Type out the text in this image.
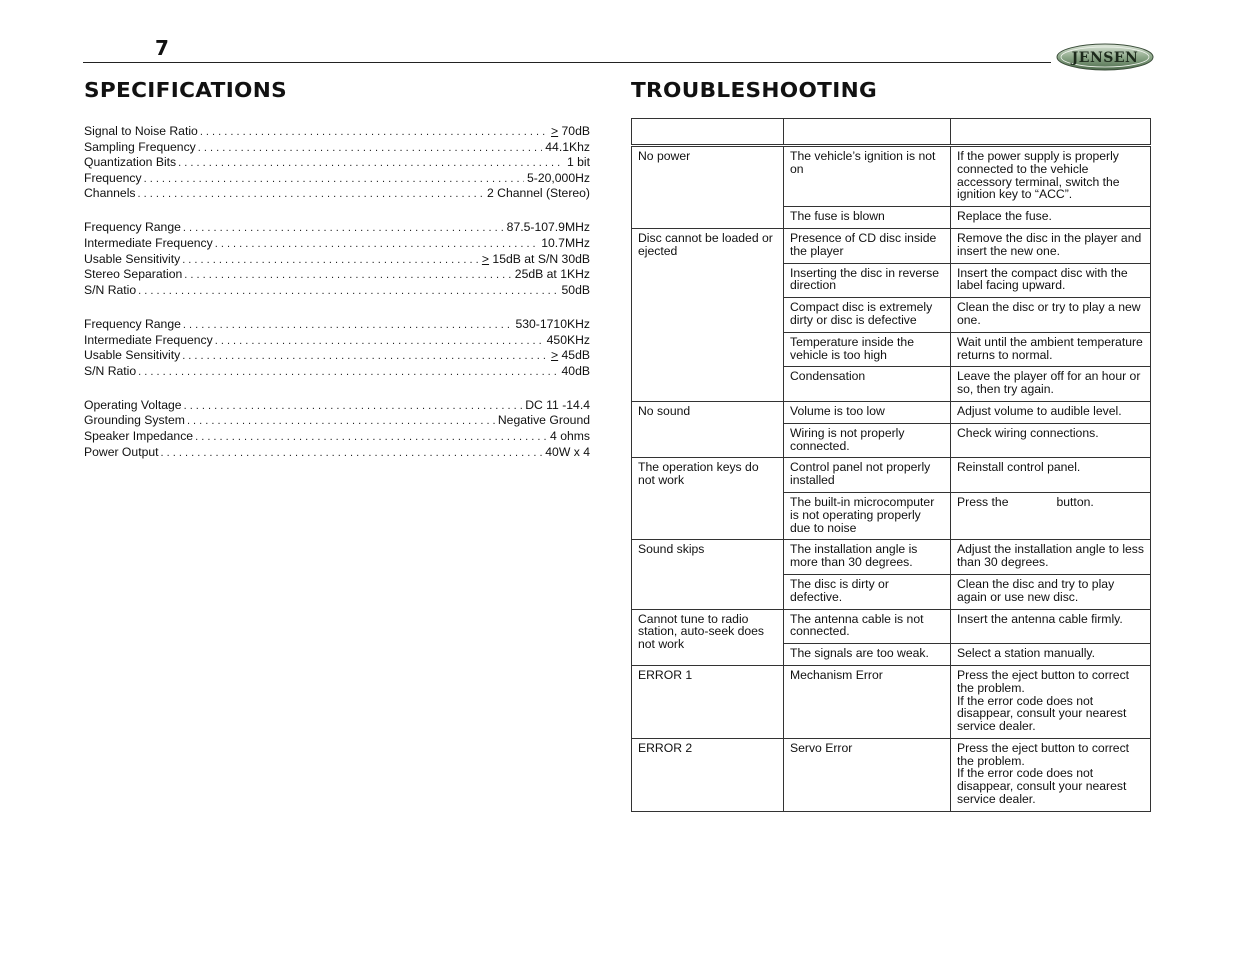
7	JENSEN
SPECIFICATIONS	TROUBLESHOOTING
Signal to Noise Ratio . . .	≥ 70dB
Sampling Frequency . . .	44.1Khz
Quantization Bits . . .	1 bit
Frequency . . .	5-20,000Hz
Channels . . .	2 Channel (Stereo)
Frequency Range . . .	87.5-107.9MHz
Intermediate Frequency . . .	10.7MHz
Usable Sensitivity . . .	≥ 15dB at S/N 30dB
Stereo Separation . . .	25dB at 1KHz
S/N Ratio . . .	50dB
Frequency Range . . .	530-1710KHz
Intermediate Frequency . . .	450KHz
Usable Sensitivity . . .	≥ 45dB
S/N Ratio . . .	40dB
Operating Voltage . . .	DC 11 -14.4
Grounding System . . .	Negative Ground
Speaker Impedance . . .	4 ohms
Power Output . . .	40W x 4

No power	The vehicle’s ignition is not on	If the power supply is properly connected to the vehicle accessory terminal, switch the ignition key to “ACC”.
	The fuse is blown	Replace the fuse.
Disc cannot be loaded or ejected	Presence of CD disc inside the player	Remove the disc in the player and insert the new one.
	Inserting the disc in reverse direction	Insert the compact disc with the label facing upward.
	Compact disc is extremely dirty or disc is defective	Clean the disc or try to play a new one.
	Temperature inside the vehicle is too high	Wait until the ambient temperature returns to normal.
	Condensation	Leave the player off for an hour or so, then try again.
No sound	Volume is too low	Adjust volume to audible level.
	Wiring is not properly connected.	Check wiring connections.
The operation keys do not work	Control panel not properly installed	Reinstall control panel.
	The built-in microcomputer is not operating properly due to noise	Press the button.
Sound skips	The installation angle is more than 30 degrees.	Adjust the installation angle to less than 30 degrees.
	The disc is dirty or defective.	Clean the disc and try to play again or use new disc.
Cannot tune to radio station, auto-seek does not work	The antenna cable is not connected.	Insert the antenna cable firmly.
	The signals are too weak.	Select a station manually.
ERROR 1	Mechanism Error	Press the eject button to correct the problem.
If the error code does not disappear, consult your nearest service dealer.

ERROR 2	Servo Error	Press the eject button to correct the problem.
If the error code does not disappear, consult your nearest service dealer.
